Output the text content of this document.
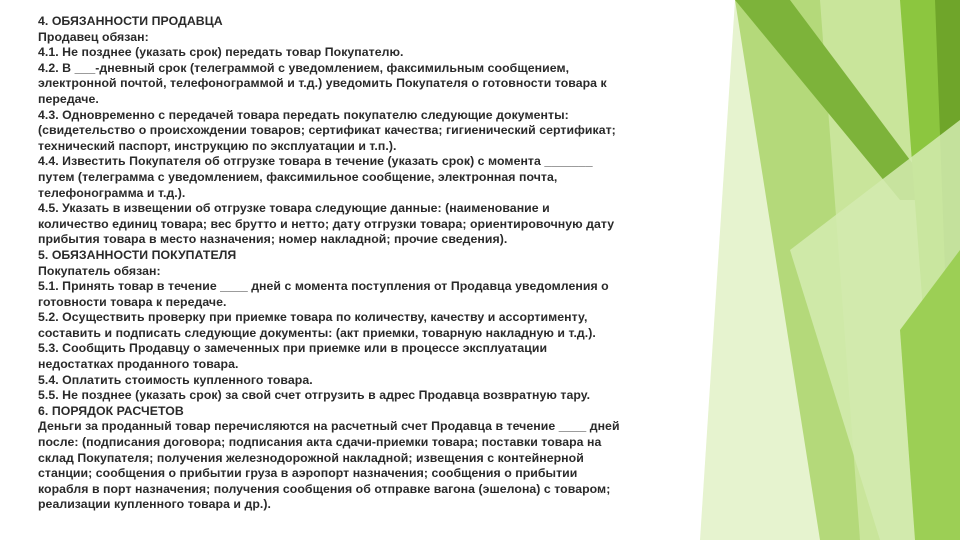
4. ОБЯЗАННОСТИ ПРОДАВЦА
Продавец обязан:
4.1. Не позднее (указать срок) передать товар Покупателю.
4.2. В ___-дневный срок (телеграммой с уведомлением, факсимильным сообщением,
электронной почтой, телефонограммой и т.д.) уведомить Покупателя о готовности товара к
передаче.
4.3. Одновременно с передачей товара передать покупателю следующие документы:
(свидетельство о происхождении товаров; сертификат качества; гигиенический сертификат;
технический паспорт, инструкцию по эксплуатации и т.п.).
4.4. Известить Покупателя об отгрузке товара в течение (указать срок) с момента _______
путем (телеграмма с уведомлением, факсимильное сообщение, электронная почта,
телефонограмма и т.д.).
4.5. Указать в извещении об отгрузке товара следующие данные: (наименование и
количество единиц товара; вес брутто и нетто; дату отгрузки товара; ориентировочную дату
прибытия товара в место назначения; номер накладной; прочие сведения).
5. ОБЯЗАННОСТИ ПОКУПАТЕЛЯ
Покупатель обязан:
5.1. Принять товар в течение ____ дней с момента поступления от Продавца уведомления о
готовности товара к передаче.
5.2. Осуществить проверку при приемке товара по количеству, качеству и ассортименту,
составить и подписать следующие документы: (акт приемки, товарную накладную и т.д.).
5.3. Сообщить Продавцу о замеченных при приемке или в процессе эксплуатации
недостатках проданного товара.
5.4. Оплатить стоимость купленного товара.
5.5. Не позднее (указать срок) за свой счет отгрузить в адрес Продавца возвратную тару.
6. ПОРЯДОК РАСЧЕТОВ
Деньги за проданный товар перечисляются на расчетный счет Продавца в течение ____ дней
после: (подписания договора; подписания акта сдачи-приемки товара; поставки товара на
склад Покупателя; получения железнодорожной накладной; извещения с контейнерной
станции; сообщения о прибытии груза в аэропорт назначения; сообщения о прибытии
корабля в порт назначения; получения сообщения об отправке вагона (эшелона) с товаром;
реализации купленного товара и др.).
